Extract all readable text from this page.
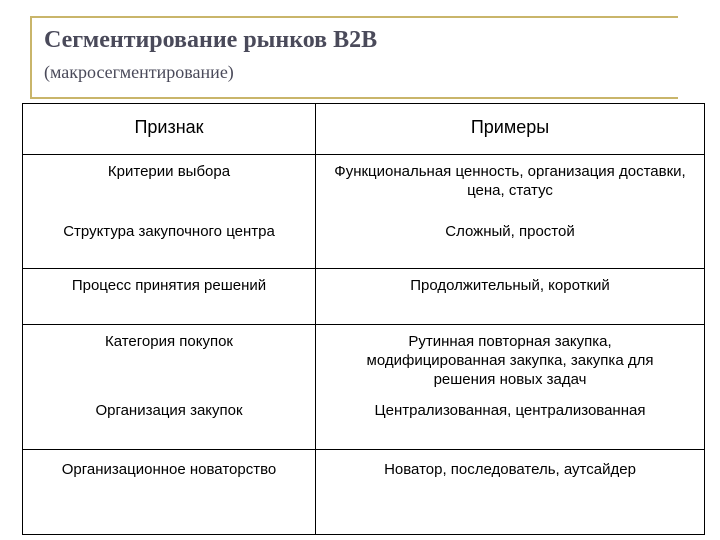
Сегментирование рынков B2B
(макросегментирование)
Признак	Примеры
Критерии выбора	Функциональная ценность, организация доставки, цена, статус
Структура закупочного центра	Сложный, простой
Процесс принятия решений	Продолжительный, короткий
Категория покупок	Рутинная повторная закупка, модифицированная закупка, закупка для решения новых задач
Организация закупок	Централизованная, централизованная
Организационное новаторство	Новатор, последователь, аутсайдер
